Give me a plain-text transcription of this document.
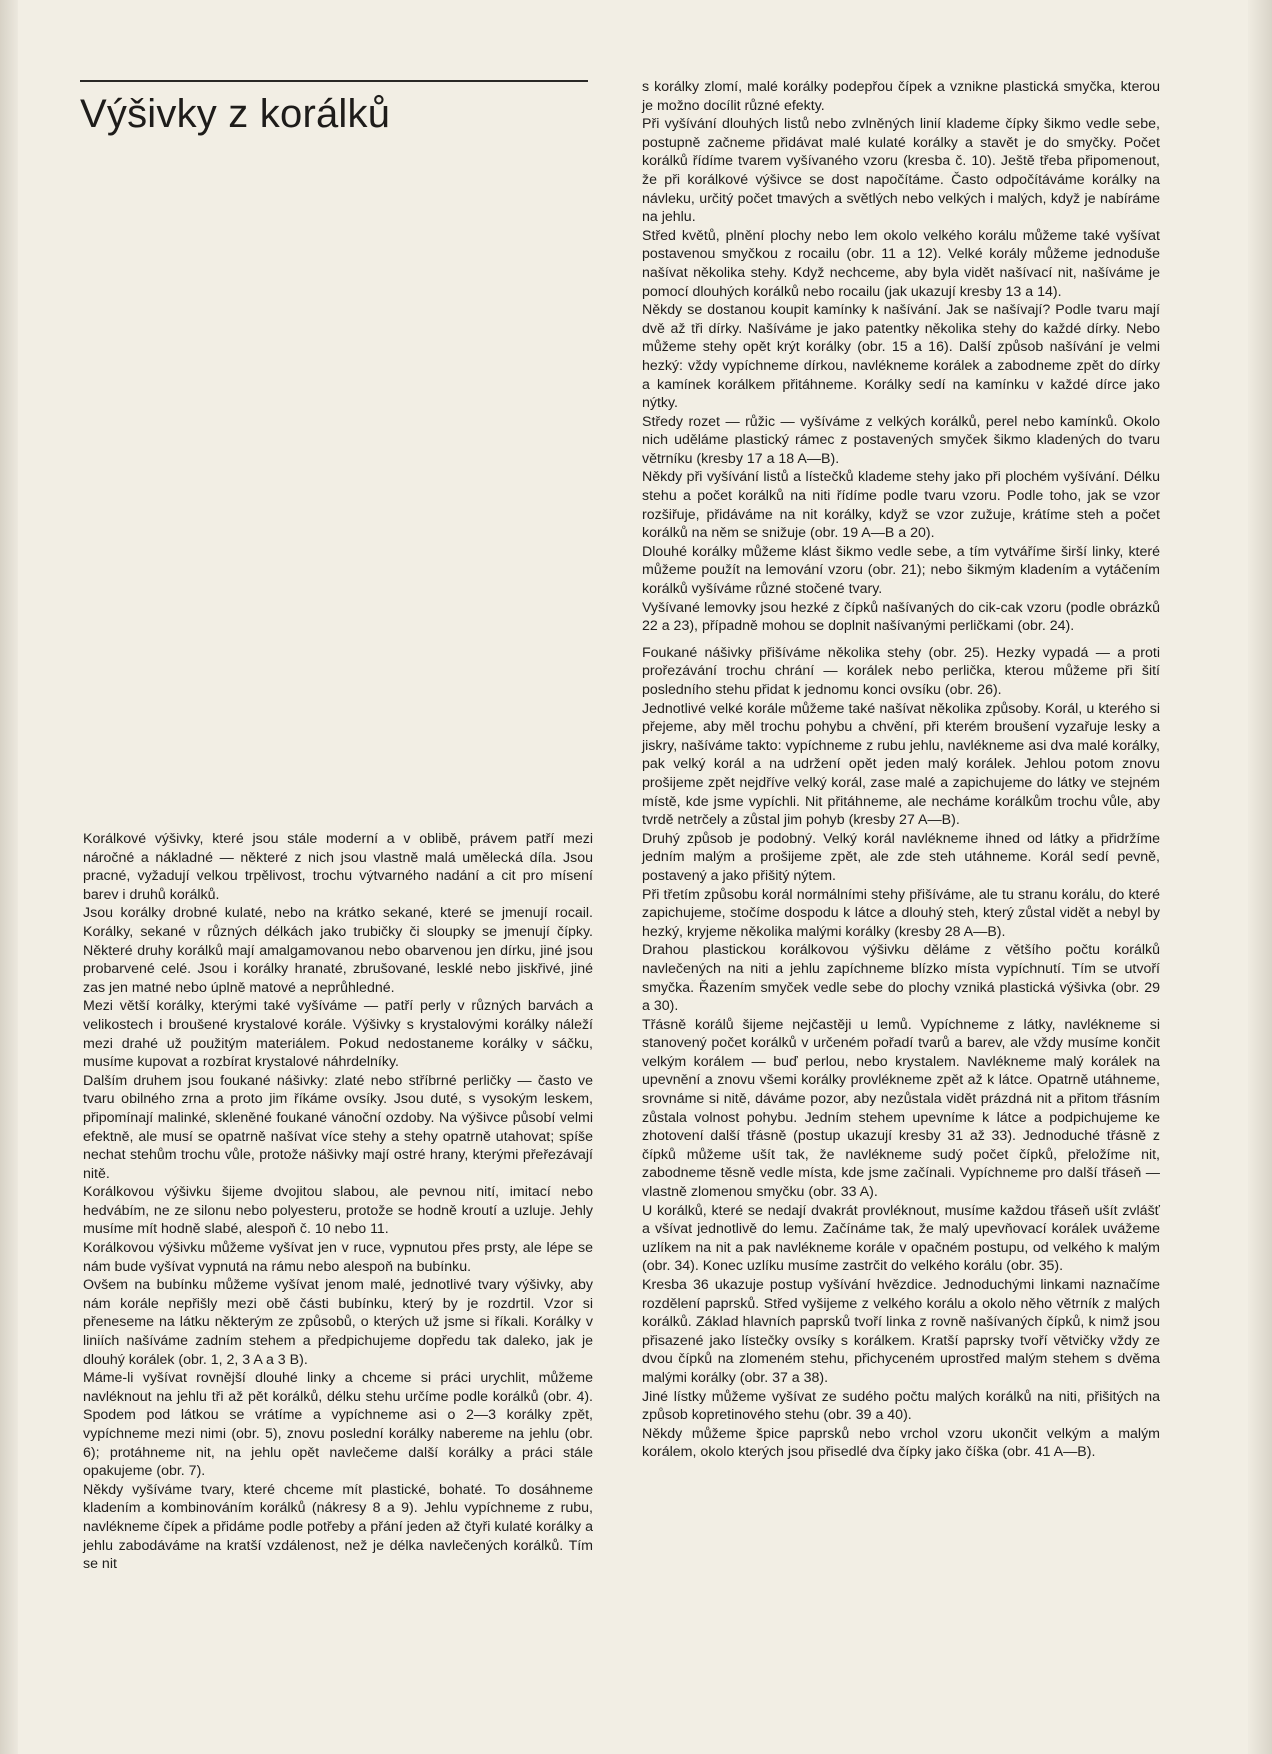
Výšivky z korálků

Korálkové výšivky, které jsou stále moderní a v oblibě, právem patří mezi náročné a nákladné — některé z nich jsou vlastně malá umělecká díla. Jsou pracné, vyžadují velkou trpělivost, trochu výtvarného nadání a cit pro mísení barev i druhů korálků.

Jsou korálky drobné kulaté, nebo na krátko sekané, které se jmenují rocail. Korálky, sekané v různých délkách jako trubičky či sloupky se jmenují čípky. Některé druhy korálků mají amalgamovanou nebo obarvenou jen dírku, jiné jsou probarvené celé. Jsou i korálky hranaté, zbrušované, lesklé nebo jiskřivé, jiné zas jen matné nebo úplně matové a neprůhledné.

Mezi větší korálky, kterými také vyšíváme — patří perly v různých barvách a velikostech i broušené krystalové korále. Výšivky s krystalovými korálky náleží mezi drahé už použitým materiálem. Pokud nedostaneme korálky v sáčku, musíme kupovat a rozbírat krystalové náhrdelníky.

Dalším druhem jsou foukané nášivky: zlaté nebo stříbrné perličky — často ve tvaru obilného zrna a proto jim říkáme ovsíky. Jsou duté, s vysokým leskem, připomínají malinké, skleněné foukané vánoční ozdoby. Na výšivce působí velmi efektně, ale musí se opatrně našívat více stehy a stehy opatrně utahovat; spíše nechat stehům trochu vůle, protože nášivky mají ostré hrany, kterými přeřezávají nitě.

Korálkovou výšivku šijeme dvojitou slabou, ale pevnou nití, imitací nebo hedvábím, ne ze silonu nebo polyesteru, protože se hodně kroutí a uzluje. Jehly musíme mít hodně slabé, alespoň č. 10 nebo 11.

Korálkovou výšivku můžeme vyšívat jen v ruce, vypnutou přes prsty, ale lépe se nám bude vyšívat vypnutá na rámu nebo alespoň na bubínku.

Ovšem na bubínku můžeme vyšívat jenom malé, jednotlivé tvary výšivky, aby nám korále nepřišly mezi obě části bubínku, který by je rozdrtil. Vzor si přeneseme na látku některým ze způsobů, o kterých už jsme si říkali. Korálky v liniích našíváme zadním stehem a předpichujeme dopředu tak daleko, jak je dlouhý korálek (obr. 1, 2, 3 A a 3 B).

Máme-li vyšívat rovnější dlouhé linky a chceme si práci urychlit, můžeme navléknout na jehlu tři až pět korálků, délku stehu určíme podle korálků (obr. 4). Spodem pod látkou se vrátíme a vypíchneme asi o 2—3 korálky zpět, vypíchneme mezi nimi (obr. 5), znovu poslední korálky nabereme na jehlu (obr. 6); protáhneme nit, na jehlu opět navlečeme další korálky a práci stále opakujeme (obr. 7).

Někdy vyšíváme tvary, které chceme mít plastické, bohaté. To dosáhneme kladením a kombinováním korálků (nákresy 8 a 9). Jehlu vypíchneme z rubu, navlékneme čípek a přidáme podle potřeby a přání jeden až čtyři kulaté korálky a jehlu zabodáváme na kratší vzdálenost, než je délka navlečených korálků. Tím se nit

s korálky zlomí, malé korálky podepřou čípek a vznikne plastická smyčka, kterou je možno docílit různé efekty.

Při vyšívání dlouhých listů nebo zvlněných linií klademe čípky šikmo vedle sebe, postupně začneme přidávat malé kulaté korálky a stavět je do smyčky. Počet korálků řídíme tvarem vyšívaného vzoru (kresba č. 10). Ještě třeba připomenout, že při korálkové výšivce se dost napočítáme. Často odpočítáváme korálky na návleku, určitý počet tmavých a světlých nebo velkých i malých, když je nabíráme na jehlu.

Střed květů, plnění plochy nebo lem okolo velkého korálu můžeme také vyšívat postavenou smyčkou z rocailu (obr. 11 a 12). Velké korály můžeme jednoduše našívat několika stehy. Když nechceme, aby byla vidět našívací nit, našíváme je pomocí dlouhých korálků nebo rocailu (jak ukazují kresby 13 a 14).

Někdy se dostanou koupit kamínky k našívání. Jak se našívají? Podle tvaru mají dvě až tři dírky. Našíváme je jako patentky několika stehy do každé dírky. Nebo můžeme stehy opět krýt korálky (obr. 15 a 16). Další způsob našívání je velmi hezký: vždy vypíchneme dírkou, navlékneme korálek a zabodneme zpět do dírky a kamínek korálkem přitáhneme. Korálky sedí na kamínku v každé dírce jako nýtky.

Středy rozet — růžic — vyšíváme z velkých korálků, perel nebo kamínků. Okolo nich uděláme plastický rámec z postavených smyček šikmo kladených do tvaru větrníku (kresby 17 a 18 A—B).

Někdy při vyšívání listů a lístečků klademe stehy jako při plochém vyšívání. Délku stehu a počet korálků na niti řídíme podle tvaru vzoru. Podle toho, jak se vzor rozšiřuje, přidáváme na nit korálky, když se vzor zužuje, krátíme steh a počet korálků na něm se snižuje (obr. 19 A—B a 20).

Dlouhé korálky můžeme klást šikmo vedle sebe, a tím vytváříme širší linky, které můžeme použít na lemování vzoru (obr. 21); nebo šikmým kladením a vytáčením korálků vyšíváme různé stočené tvary.

Vyšívané lemovky jsou hezké z čípků našívaných do cik-cak vzoru (podle obrázků 22 a 23), případně mohou se doplnit našívanými perličkami (obr. 24).

Foukané nášivky přišíváme několika stehy (obr. 25). Hezky vypadá — a proti prořezávání trochu chrání — korálek nebo perlička, kterou můžeme při šití posledního stehu přidat k jednomu konci ovsíku (obr. 26).

Jednotlivé velké korále můžeme také našívat několika způsoby. Korál, u kterého si přejeme, aby měl trochu pohybu a chvění, při kterém broušení vyzařuje lesky a jiskry, našíváme takto: vypíchneme z rubu jehlu, navlékneme asi dva malé korálky, pak velký korál a na udržení opět jeden malý korálek. Jehlou potom znovu prošijeme zpět nejdříve velký korál, zase malé a zapichujeme do látky ve stejném místě, kde jsme vypíchli. Nit přitáhneme, ale necháme korálkům trochu vůle, aby tvrdě netrčely a zůstal jim pohyb (kresby 27 A—B).

Druhý způsob je podobný. Velký korál navlékneme ihned od látky a přidržíme jedním malým a prošijeme zpět, ale zde steh utáhneme. Korál sedí pevně, postavený a jako přišitý nýtem.

Při třetím způsobu korál normálními stehy přišíváme, ale tu stranu korálu, do které zapichujeme, stočíme dospodu k látce a dlouhý steh, který zůstal vidět a nebyl by hezký, kryjeme několika malými korálky (kresby 28 A—B).

Drahou plastickou korálkovou výšivku děláme z většího počtu korálků navlečených na niti a jehlu zapíchneme blízko místa vypíchnutí. Tím se utvoří smyčka. Řazením smyček vedle sebe do plochy vzniká plastická výšivka (obr. 29 a 30).

Třásně korálů šijeme nejčastěji u lemů. Vypíchneme z látky, navlékneme si stanovený počet korálků v určeném pořadí tvarů a barev, ale vždy musíme končit velkým korálem — buď perlou, nebo krystalem. Navlékneme malý korálek na upevnění a znovu všemi korálky provlékneme zpět až k látce. Opatrně utáhneme, srovnáme si nitě, dáváme pozor, aby nezůstala vidět prázdná nit a přitom třásním zůstala volnost pohybu. Jedním stehem upevníme k látce a podpichujeme ke zhotovení další třásně (postup ukazují kresby 31 až 33). Jednoduché třásně z čípků můžeme ušít tak, že navlékneme sudý počet čípků, přeložíme nit, zabodneme těsně vedle místa, kde jsme začínali. Vypíchneme pro další třáseň — vlastně zlomenou smyčku (obr. 33 A).

U korálků, které se nedají dvakrát provléknout, musíme každou třáseň ušít zvlášť a všívat jednotlivě do lemu. Začínáme tak, že malý upevňovací korálek uvážeme uzlíkem na nit a pak navlékneme korále v opačném postupu, od velkého k malým (obr. 34). Konec uzlíku musíme zastrčit do velkého korálu (obr. 35).

Kresba 36 ukazuje postup vyšívání hvězdice. Jednoduchými linkami naznačíme rozdělení paprsků. Střed vyšijeme z velkého korálu a okolo něho větrník z malých korálků. Základ hlavních paprsků tvoří linka z rovně našívaných čípků, k nimž jsou přisazené jako lístečky ovsíky s korálkem. Kratší paprsky tvoří větvičky vždy ze dvou čípků na zlomeném stehu, přichyceném uprostřed malým stehem s dvěma malými korálky (obr. 37 a 38).

Jiné lístky můžeme vyšívat ze sudého počtu malých korálků na niti, přišitých na způsob kopretinového stehu (obr. 39 a 40).

Někdy můžeme špice paprsků nebo vrchol vzoru ukončit velkým a malým korálem, okolo kterých jsou přisedlé dva čípky jako číška (obr. 41 A—B).
